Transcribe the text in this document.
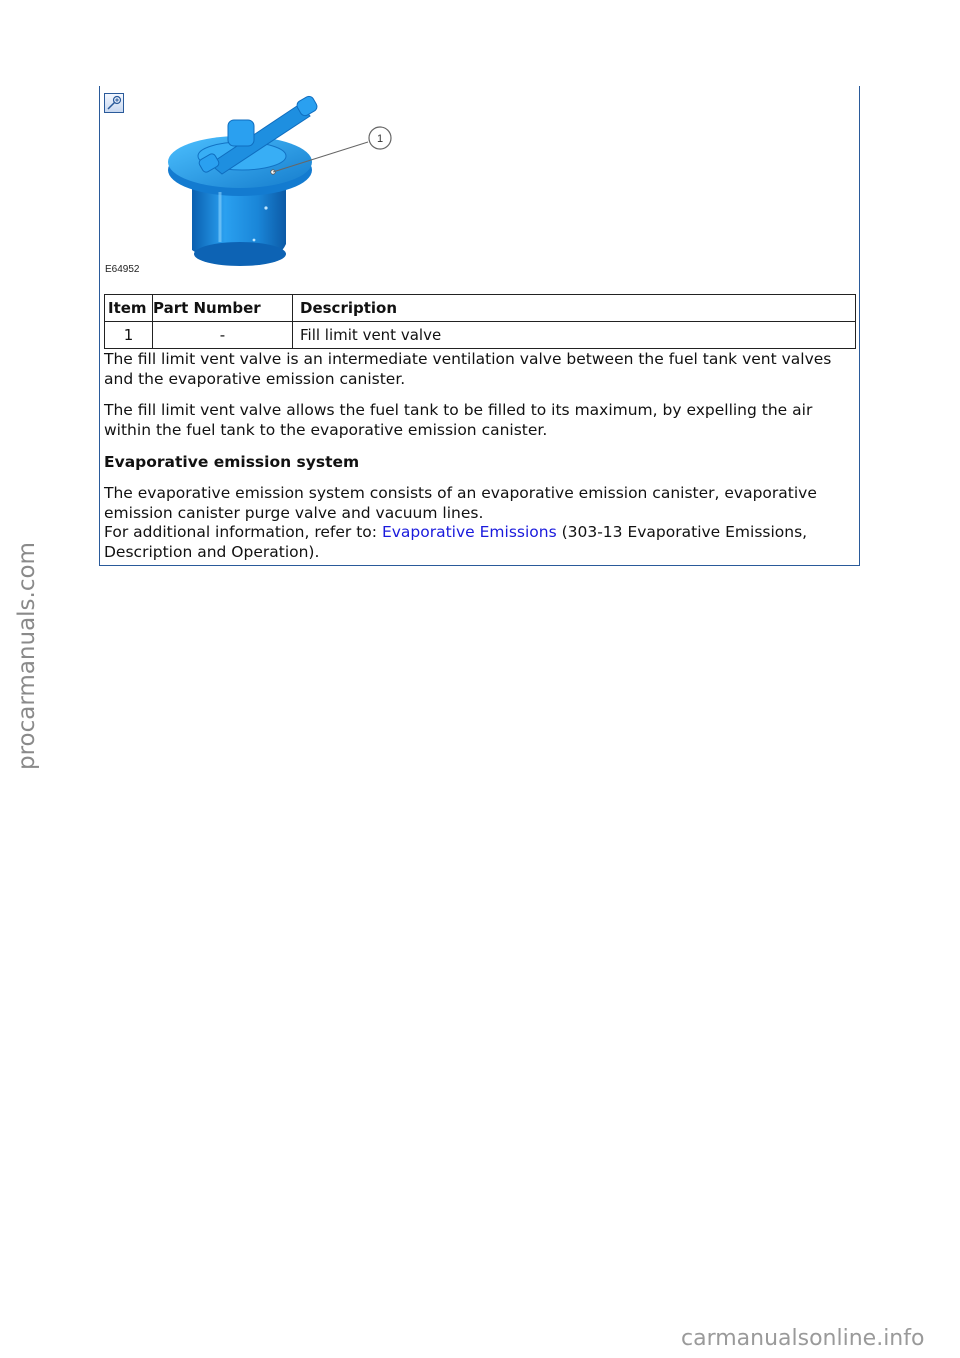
1
E64952
Item	Part Number	Description
1	-	Fill limit vent valve

The fill limit vent valve is an intermediate ventilation valve between the fuel tank vent valves and the evaporative emission canister.

The fill limit vent valve allows the fuel tank to be filled to its maximum, by expelling the air within the fuel tank to the evaporative emission canister.

Evaporative emission system

The evaporative emission system consists of an evaporative emission canister, evaporative emission canister purge valve and vacuum lines.
For additional information, refer to: Evaporative Emissions (303-13 Evaporative Emissions, Description and Operation).

procarmanuals.com
carmanualsonline.info
